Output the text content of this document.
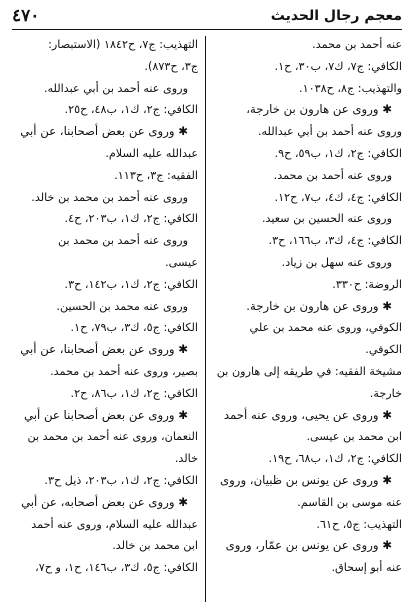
معجم رجال الحديث
٤٧٠
عنه أحمد بن محمد.
الكافي: ج٧، ك٧، ب٣٠، ح١.
والتهذيب: ج٨، ح١٠٣٨.
✱ وروى عن هارون بن خارجة،
وروى عنه أحمد بن أبي عبدالله.
الكافي: ج٢، ك١، ب٥٩، ح٩.
وروى عنه أحمد بن محمد.
الكافي: ج٤، ك٤، ب٧، ح١٢.
وروى عنه الحسين بن سعيد.
الكافي: ج٤، ك٣، ب١٦٦، ح٣.
وروى عنه سهل بن زياد.
الروضة: ح٣٣٠.
✱ وروى عن هارون بن خارجة.
الكوفي، وروى عنه محمد بن علي
الكوفي.
مشيخة الفقيه: في طريقه إلى هارون بن
خارجة.
✱ وروى عن يحيى، وروى عنه أحمد
ابن محمد بن عيسى.
الكافي: ج٢، ك١، ب٦٨، ح١٩.
✱ وروى عن يونس بن ظبيان، وروى
عنه موسى بن القاسم.
التهذيب: ج٥، ح٦١.
✱ وروى عن يونس بن عمّار، وروى
عنه أبو إسحاق.
التهذيب: ج٧، ح١٨٤٢ (الاستبصار:
ج٣، ح٨٧٣).
وروى عنه أحمد بن أبي عبدالله.
الكافي: ج٢، ك١، ب٤٨، ح٢٥.
✱ وروى عن بعض أصحابنا، عن أبي
عبدالله عليه السلام.
الفقيه: ج٣، ح١١٣.
وروى عنه أحمد بن محمد بن خالد.
الكافي: ج٢، ك١، ب٢٠٣، ح٤.
وروى عنه أحمد بن محمد بن
عيسى.
الكافي: ج٢، ك١، ب١٤٢، ح٣.
وروى عنه محمد بن الحسين.
الكافي: ج٥، ك٣، ب٧٩، ح١.
✱ وروى عن بعض أصحابنا، عن أبي
بصير، وروى عنه أحمد بن محمد.
الكافي: ج٢، ك١، ب٨٦، ح٢.
✱ وروى عن بعض أصحابنا عن أبي
النعمان، وروى عنه أحمد بن محمد بن
خالد.
الكافي: ج٢، ك١، ب٢٠٣، ذيل ح٣.
✱ وروى عن بعض أصحابه، عن أبي
عبدالله عليه السلام، وروى عنه أحمد
ابن محمد بن خالد.
الكافي: ج٥، ك٣، ب١٤٦، ح١، و ح٧،
